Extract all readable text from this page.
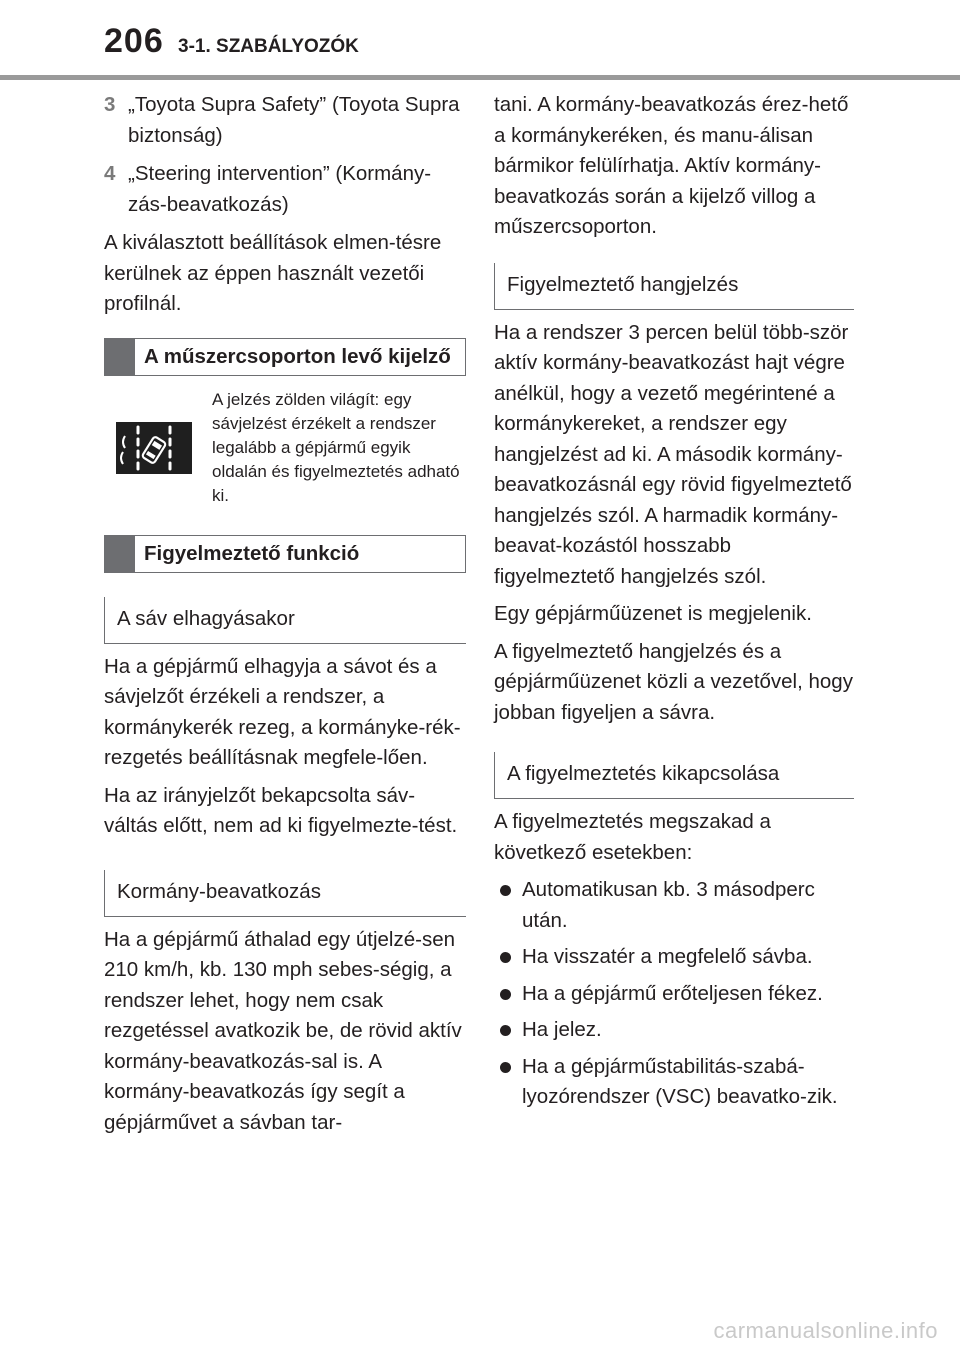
206 3-1. SZABÁLYOZÓK
3 „Toyota Supra Safety” (Toyota Supra biztonság)
4 „Steering intervention” (Kormány-zás-beavatkozás)

A kiválasztott beállítások elmen-tésre kerülnek az éppen használt vezetői profilnál.

A műszercsoporton levő kijelző
A jelzés zölden világít: egy sávjelzést érzékelt a rendszer legalább a gépjármű egyik oldalán és figyelmeztetés adható ki.
Figyelmeztető funkció
A sáv elhagyásakor

Ha a gépjármű elhagyja a sávot és a sávjelzőt érzékeli a rendszer, a kormánykerék rezeg, a kormányke-rék-rezgetés beállításnak megfele-lően.

Ha az irányjelzőt bekapcsolta sáv-váltás előtt, nem ad ki figyelmezte-tést.

Kormány-beavatkozás

Ha a gépjármű áthalad egy útjelzé-sen 210 km/h, kb. 130 mph sebes-ségig, a rendszer lehet, hogy nem csak rezgetéssel avatkozik be, de rövid aktív kormány-beavatkozás-sal is. A kormány-beavatkozás így segít a gépjárművet a sávban tar-

tani. A kormány-beavatkozás érez-hető a kormánykeréken, és manu-álisan bármikor felülírhatja. Aktív kormány-beavatkozás során a kijelző villog a műszercsoporton.

Figyelmeztető hangjelzés

Ha a rendszer 3 percen belül több-ször aktív kormány-beavatkozást hajt végre anélkül, hogy a vezető megérintené a kormánykereket, a rendszer egy hangjelzést ad ki. A második kormány-beavatkozásnál egy rövid figyelmeztető hangjelzés szól. A harmadik kormány-beavat-kozástól hosszabb figyelmeztető hangjelzés szól.

Egy gépjárműüzenet is megjelenik.

A figyelmeztető hangjelzés és a gépjárműüzenet közli a vezetővel, hogy jobban figyeljen a sávra.

A figyelmeztetés kikapcsolása

A figyelmeztetés megszakad a következő esetekben:

Automatikusan kb. 3 másodperc után.
Ha visszatér a megfelelő sávba.
Ha a gépjármű erőteljesen fékez.
Ha jelez.
Ha a gépjárműstabilitás-szabá-lyozórendszer (VSC) beavatko-zik.
carmanualsonline.info
